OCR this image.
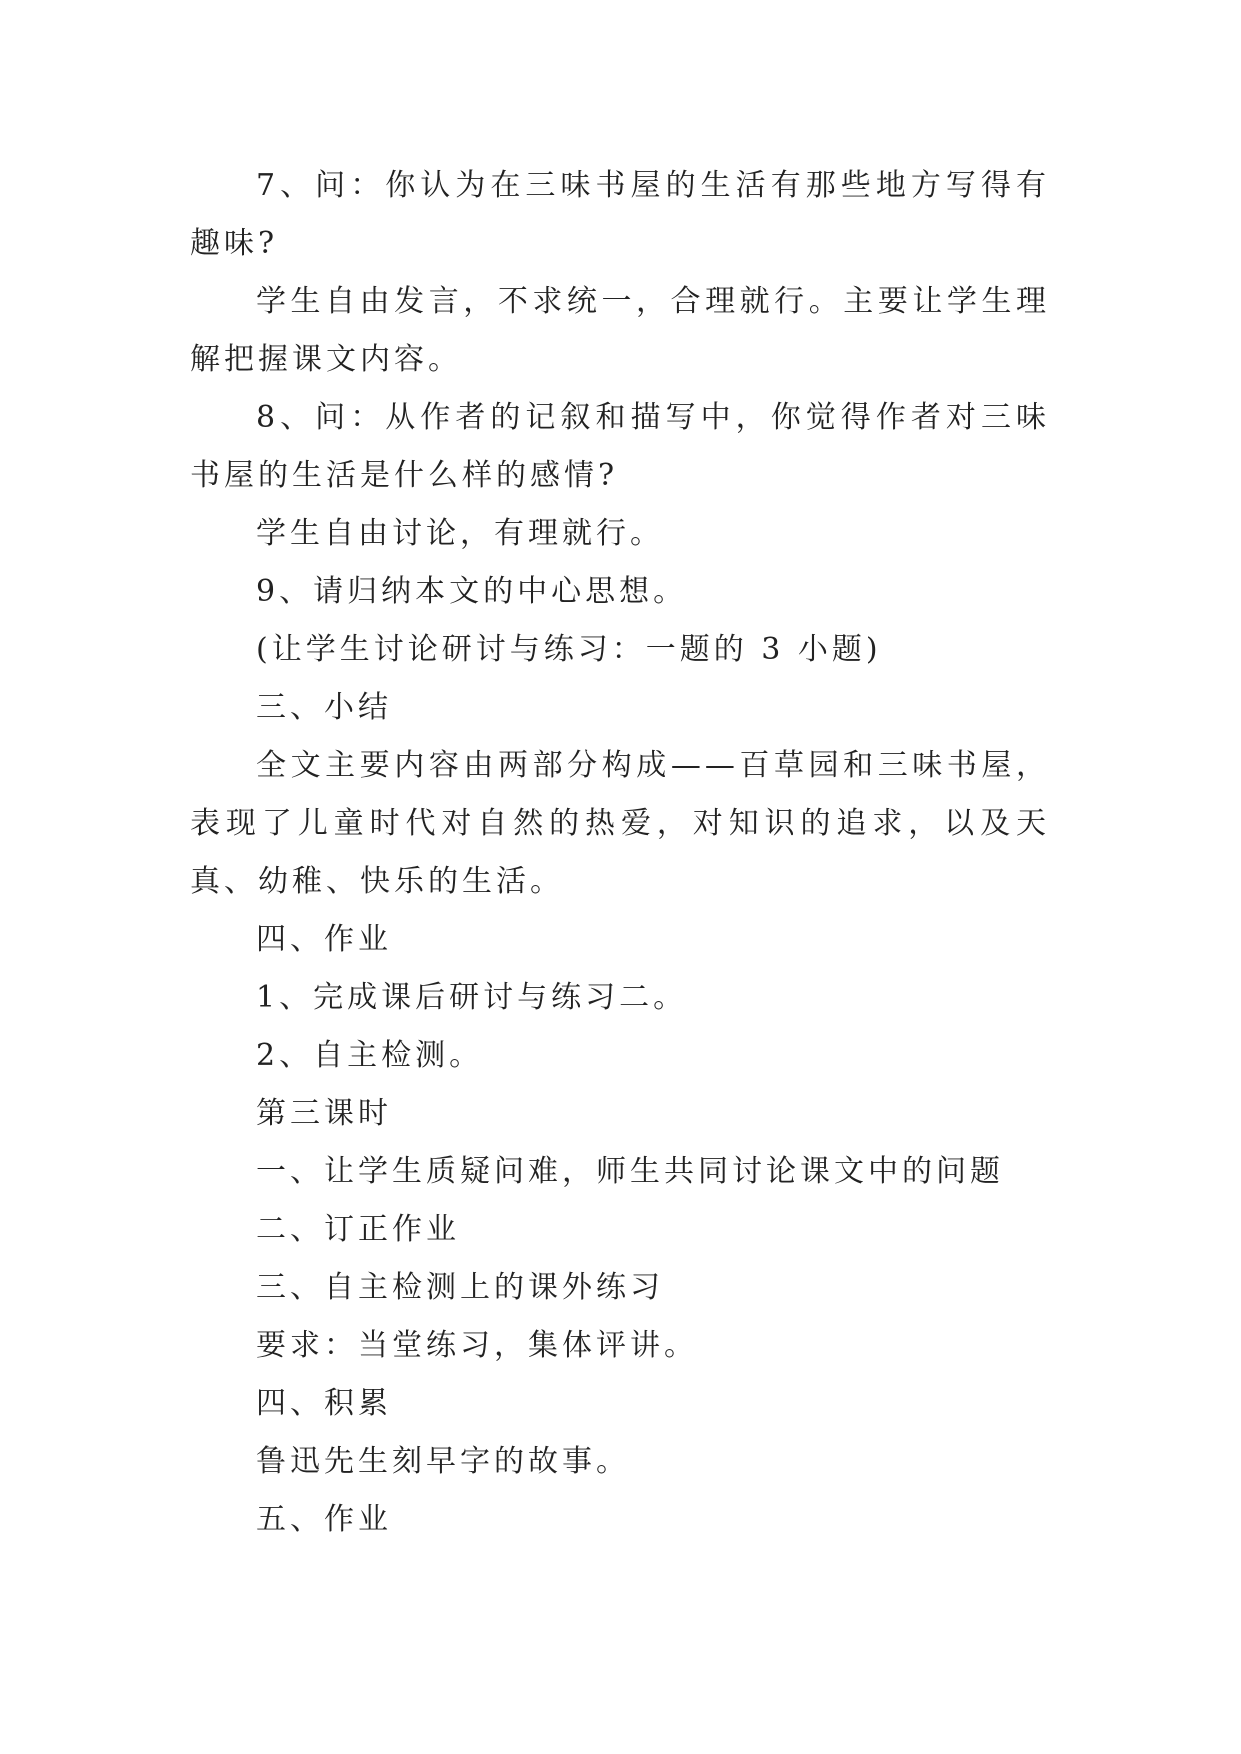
7、问：你认为在三味书屋的生活有那些地方写得有趣味?

学生自由发言，不求统一，合理就行。主要让学生理解把握课文内容。

8、问：从作者的记叙和描写中，你觉得作者对三味书屋的生活是什么样的感情?

学生自由讨论，有理就行。

9、请归纳本文的中心思想。

(让学生讨论研讨与练习：一题的 3 小题)

三、小结

全文主要内容由两部分构成——百草园和三味书屋，表现了儿童时代对自然的热爱，对知识的追求，以及天真、幼稚、快乐的生活。

四、作业

1、完成课后研讨与练习二。

2、自主检测。

第三课时

一、让学生质疑问难，师生共同讨论课文中的问题

二、订正作业

三、自主检测上的课外练习

要求：当堂练习，集体评讲。

四、积累

鲁迅先生刻早字的故事。

五、作业
